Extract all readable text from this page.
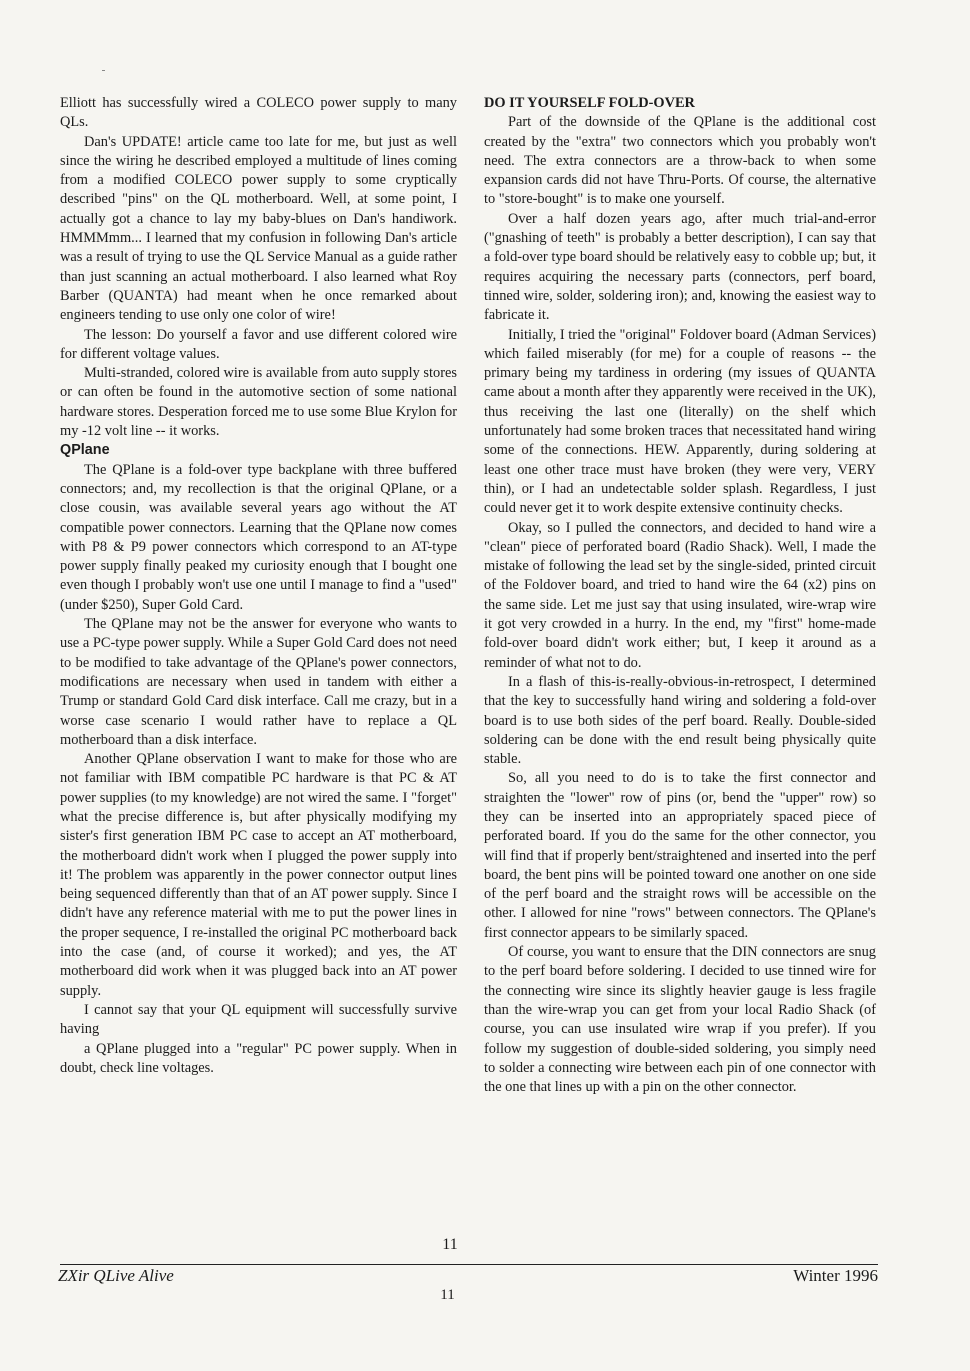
Elliott has successfully wired a COLECO power supply to many QLs.

Dan's UPDATE! article came too late for me, but just as well since the wiring he described employed a multitude of lines coming from a modified COLECO power supply to some cryptically described "pins" on the QL motherboard. Well, at some point, I actually got a chance to lay my baby-blues on Dan's handiwork. HMMMmm... I learned that my confusion in following Dan's article was a result of trying to use the QL Service Manual as a guide rather than just scanning an actual motherboard. I also learned what Roy Barber (QUANTA) had meant when he once remarked about engineers tending to use only one color of wire!

The lesson: Do yourself a favor and use different colored wire for different voltage values.

Multi-stranded, colored wire is available from auto supply stores or can often be found in the automotive section of some national hardware stores. Desperation forced me to use some Blue Krylon for my -12 volt line -- it works.

QPlane

The QPlane is a fold-over type backplane with three buffered connectors; and, my recollection is that the original QPlane, or a close cousin, was available several years ago without the AT compatible power connectors. Learning that the QPlane now comes with P8 & P9 power connectors which correspond to an AT-type power supply finally peaked my curiosity enough that I bought one even though I probably won't use one until I manage to find a "used" (under $250), Super Gold Card.

The QPlane may not be the answer for everyone who wants to use a PC-type power supply. While a Super Gold Card does not need to be modified to take advantage of the QPlane's power connectors, modifications are necessary when used in tandem with either a Trump or standard Gold Card disk interface. Call me crazy, but in a worse case scenario I would rather have to replace a QL motherboard than a disk interface.

Another QPlane observation I want to make for those who are not familiar with IBM compatible PC hardware is that PC & AT power supplies (to my knowledge) are not wired the same. I "forget" what the precise difference is, but after physically modifying my sister's first generation IBM PC case to accept an AT motherboard, the motherboard didn't work when I plugged the power supply into it! The problem was apparently in the power connector output lines being sequenced differently than that of an AT power supply. Since I didn't have any reference material with me to put the power lines in the proper sequence, I re-installed the original PC motherboard back into the case (and, of course it worked); and yes, the AT motherboard did work when it was plugged back into an AT power supply.

I cannot say that your QL equipment will successfully survive having

a QPlane plugged into a "regular" PC power supply. When in doubt, check line voltages.

DO IT YOURSELF FOLD-OVER

Part of the downside of the QPlane is the additional cost created by the "extra" two connectors which you probably won't need. The extra connectors are a throw-back to when some expansion cards did not have Thru-Ports. Of course, the alternative to "store-bought" is to make one yourself.

Over a half dozen years ago, after much trial-and-error ("gnashing of teeth" is probably a better description), I can say that a fold-over type board should be relatively easy to cobble up; but, it requires acquiring the necessary parts (connectors, perf board, tinned wire, solder, soldering iron); and, knowing the easiest way to fabricate it.

Initially, I tried the "original" Foldover board (Adman Services) which failed miserably (for me) for a couple of reasons -- the primary being my tardiness in ordering (my issues of QUANTA came about a month after they apparently were received in the UK), thus receiving the last one (literally) on the shelf which unfortunately had some broken traces that necessitated hand wiring some of the connections. HEW. Apparently, during soldering at least one other trace must have broken (they were very, VERY thin), or I had an undetectable solder splash. Regardless, I just could never get it to work despite extensive continuity checks.

Okay, so I pulled the connectors, and decided to hand wire a "clean" piece of perforated board (Radio Shack). Well, I made the mistake of following the lead set by the single-sided, printed circuit of the Foldover board, and tried to hand wire the 64 (x2) pins on the same side. Let me just say that using insulated, wire-wrap wire it got very crowded in a hurry. In the end, my "first" home-made fold-over board didn't work either; but, I keep it around as a reminder of what not to do.

In a flash of this-is-really-obvious-in-retrospect, I determined that the key to successfully hand wiring and soldering a fold-over board is to use both sides of the perf board. Really. Double-sided soldering can be done with the end result being physically quite stable.

So, all you need to do is to take the first connector and straighten the "lower" row of pins (or, bend the "upper" row) so they can be inserted into an appropriately spaced piece of perforated board. If you do the same for the other connector, you will find that if properly bent/straightened and inserted into the perf board, the bent pins will be pointed toward one another on one side of the perf board and the straight rows will be accessible on the other. I allowed for nine "rows" between connectors. The QPlane's first connector appears to be similarly spaced.

Of course, you want to ensure that the DIN connectors are snug to the perf board before soldering. I decided to use tinned wire for the connecting wire since its slightly heavier gauge is less fragile than the wire-wrap you can get from your local Radio Shack (of course, you can use insulated wire wrap if you prefer). If you follow my suggestion of double-sided soldering, you simply need to solder a connecting wire between each pin of one connector with the one that lines up with a pin on the other connector.

11
ZXir QLive Alive	Winter 1996
11
